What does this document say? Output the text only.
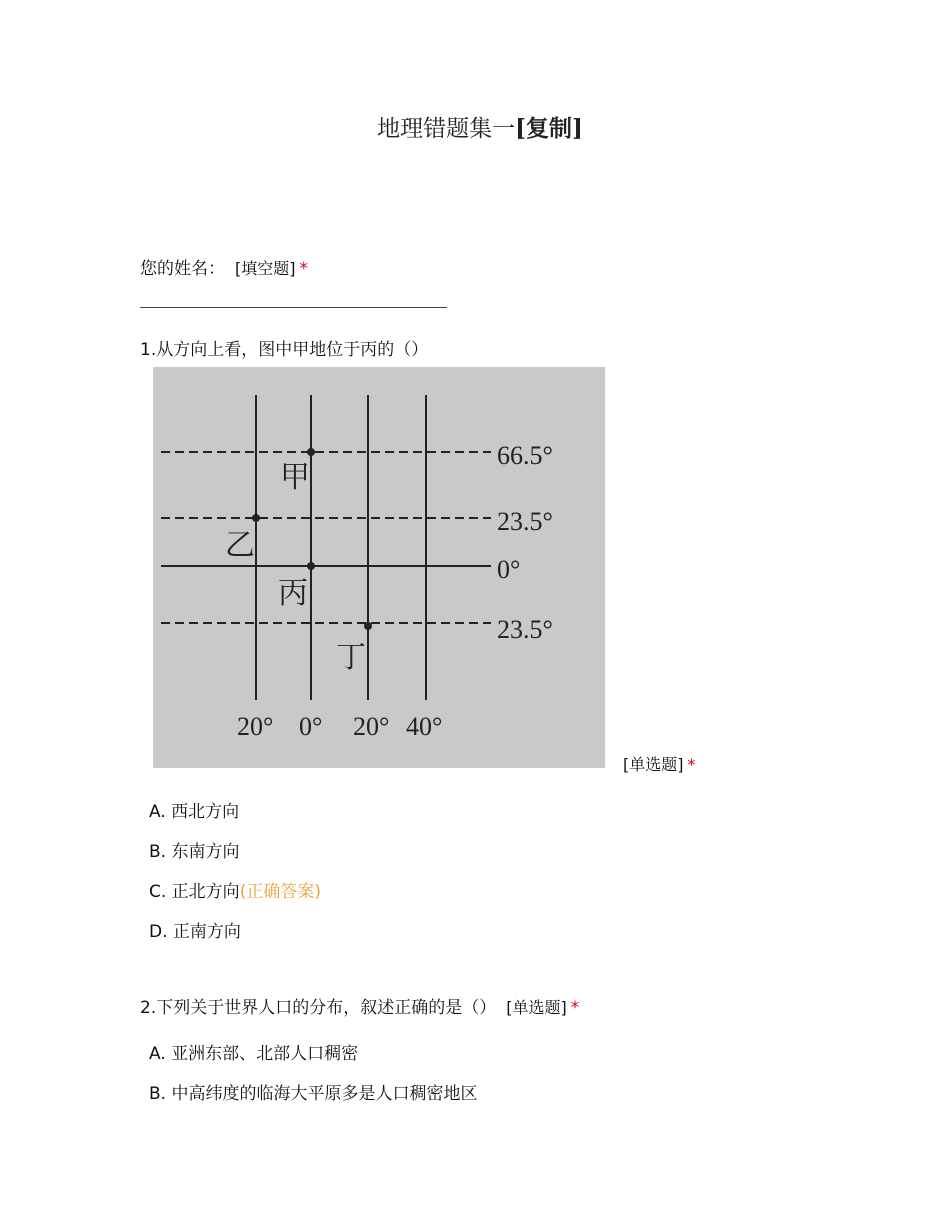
地理错题集一[复制]
您的姓名： [填空题] *
1.从方向上看，图中甲地位于丙的（）
甲
乙
丙
丁
66.5°
23.5°
0°
23.5°
20° 0° 20° 40°
[单选题] *
A. 西北方向
B. 东南方向
C. 正北方向(正确答案)
D. 正南方向
2.下列关于世界人口的分布，叙述正确的是（） [单选题] *
A. 亚洲东部、北部人口稠密
B. 中高纬度的临海大平原多是人口稠密地区
